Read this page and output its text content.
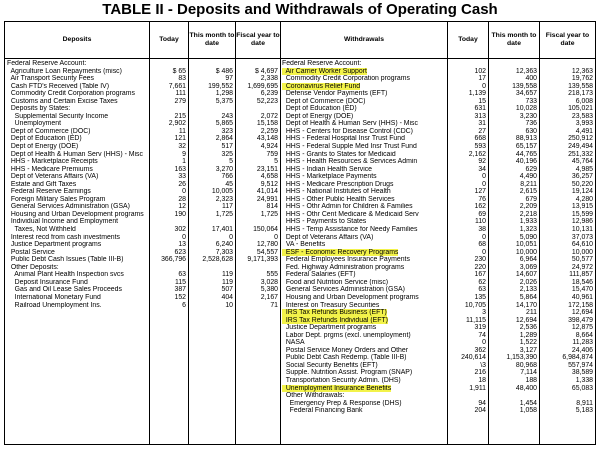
TABLE II - Deposits and Withdrawals of Operating Cash
Deposits	Today
This month to date
Fiscal year to date
Withdrawals	Today
This month to date
Fiscal year to date
Federal Reserve Account:
Agriculture Loan Repayments (misc)
Air Transport Security Fees
Cash FTD's Received (Table IV)
Commodity Credit Corporation programs
Customs and Certain Excise Taxes
Deposits by States:
Supplemental Security Income
Unemployment
Dept of Commerce (DOC)
Dept of Education (ED)
Dept of Energy (DOE)
Dept of Health & Human Serv (HHS) - Misc
HHS - Marketplace Receipts
HHS - Medicare Premiums
Dept of Veterans Affairs (VA)
Estate and Gift Taxes
Federal Reserve Earnings
Foreign Military Sales Program
General Services Administration (GSA)
Housing and Urban Development programs
Individual Income and Employment
Taxes, Not Withheld
Interest recd from cash investments
Justice Department programs
Postal Service
Public Debt Cash Issues (Table III-B)
Other Deposits:
Animal Plant Health Inspection svcs
Deposit Insurance Fund
Gas and Oil Lease Sales Proceeds
International Monetary Fund
Railroad Unemployment Ins.
$ 65
83
7,661
111
279
215
2,902
11
121
32
9
1
163
33
26
0
28
12
190
302
0
13
623
366,796
63
115
387
152
6
$ 486
97
199,552
1,298
5,375
243
5,865
323
2,864
517
325
5
3,270
766
45
10,005
2,323
117
1,725
17,401
0
6,240
7,303
2,528,628
119
119
507
404
10
$ 4,697
2,338
1,699,695
6,239
52,223
2,072
15,158
2,259
43,148
4,924
759
5
23,151
4,658
9,512
41,014
24,991
814
1,725
150,064
0
12,780
54,557
9,171,393
555
3,028
5,380
2,167
71
Federal Reserve Account:
Air Carrier Worker Support
Commodity Credit Corporation programs
Coronavirus Relief Fund
Defense Vendor Payments (EFT)
Dept of Commerce (DOC)
Dept of Education (ED)
Dept of Energy (DOE)
Dept of Health & Human Serv (HHS) - Misc
HHS - Centers for Disease Control (CDC)
HHS - Federal Hospital Insr Trust Fund
HHS - Federal Supple Med Insr Trust Fund
HHS - Grants to States for Medicaid
HHS - Health Resources & Services Admin
HHS - Indian Health Service
HHS - Marketplace Payments
HHS - Medicare Prescription Drugs
HHS - National Institutes of Health
HHS - Other Public Health Services
HHS - Othr Admin for Children & Families
HHS - Othr Cent Medicare & Medicaid Serv
HHS - Payments to States
HHS - Temp Assistance for Needy Families
Dept of Veterans Affairs (VA)
VA - Benefits
ESF - Economic Recovery Programs
Federal Employees Insurance Payments
Fed. Highway Administration programs
Federal Salaries (EFT)
Food and Nutrition Service (misc)
General Services Administration (GSA)
Housing and Urban Development programs
Interest on Treasury Securities
IRS Tax Refunds Business (EFT)
IRS Tax Refunds Individual (EFT)
Justice Department programs
Labor Dept. prgms (excl. unemployment)
NASA
Postal Service Money Orders and Other
Public Debt Cash Redemp. (Table III-B)
Social Security Benefits (EFT)
Supple. Nutrition Assist. Program (SNAP)
Transportation Security Admin. (DHS)
Unemployment Insurance Benefits
Other Withdrawals:
Emergency Prep & Response (DHS)
Federal Financing Bank
102
17
0
1,139
15
631
313
31
27
668
593
2,162
92
34
0
0
127
76
162
69
110
38
0
68
0
230
220
167
62
63
135
10,705
3
11,115
319
74
0
362
240,614
\3
216
18
1,911
94
204
12,363
400
139,558
34,657
733
10,028
3,230
736
630
88,913
65,157
44,765
40,196
629
4,490
8,211
2,615
679
2,209
2,218
1,933
1,323
5,090
10,051
10,000
6,964
3,069
14,607
2,026
2,133
5,864
14,170
211
12,694
2,536
1,289
1,522
3,127
1,153,390
80,968
7,114
188
48,400
1,454
1,058
12,363
19,762
139,558
218,173
6,008
105,021
23,583
3,993
4,491
250,912
249,494
251,332
45,764
4,985
36,257
50,220
19,124
4,280
13,915
15,599
12,986
10,131
37,073
64,610
10,000
50,577
24,972
111,857
18,546
15,470
40,961
172,158
12,694
398,479
12,875
8,664
11,283
24,406
6,984,874
557,974
38,589
1,338
65,083
8,911
5,183
